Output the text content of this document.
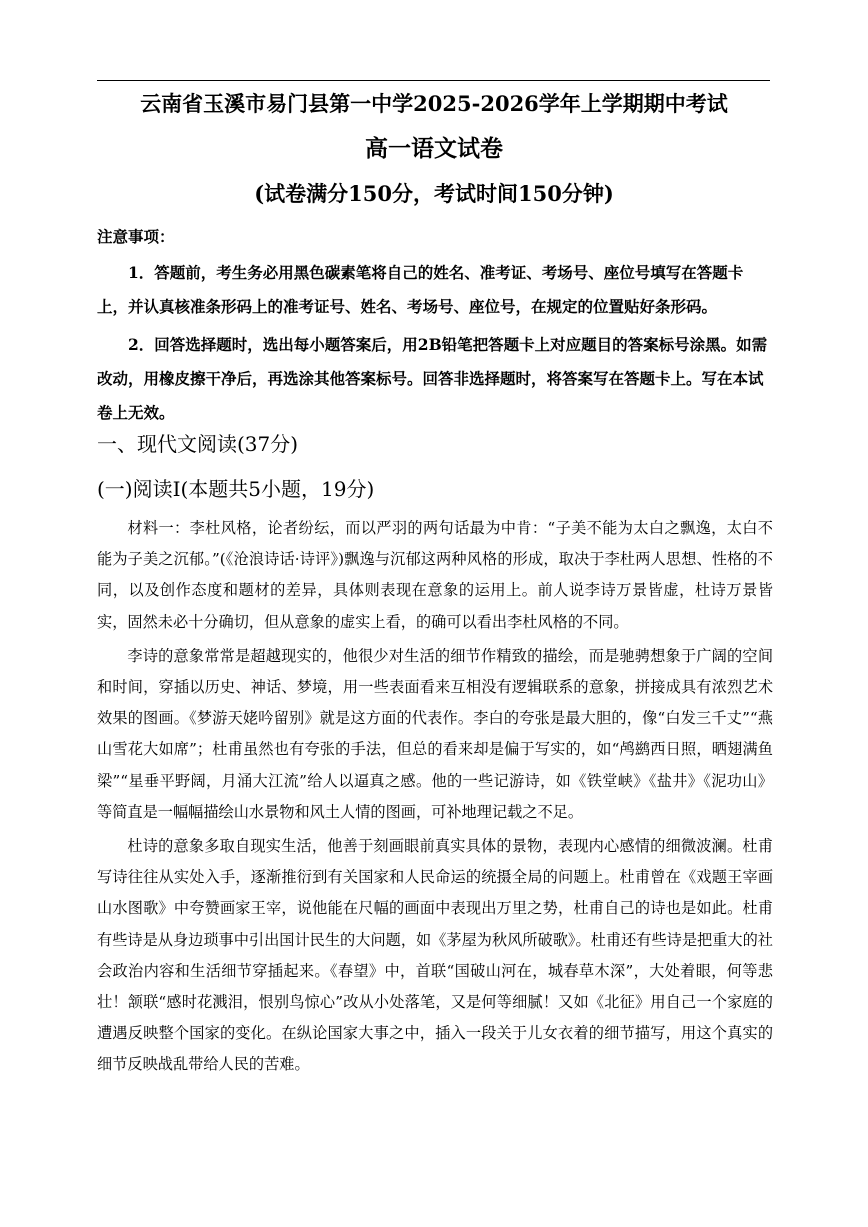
云南省玉溪市易门县第一中学2025-2026学年上学期期中考试
高一语文试卷
(试卷满分150分，考试时间150分钟)
注意事项：

1．答题前，考生务必用黑色碳素笔将自己的姓名、准考证、考场号、座位号填写在答题卡上，并认真核准条形码上的准考证号、姓名、考场号、座位号，在规定的位置贴好条形码。

2．回答选择题时，选出每小题答案后，用2B铅笔把答题卡上对应题目的答案标号涂黑。如需改动，用橡皮擦干净后，再选涂其他答案标号。回答非选择题时，将答案写在答题卡上。写在本试卷上无效。

一、现代文阅读(37分)
(一)阅读Ⅰ(本题共5小题，19分)

材料一：李杜风格，论者纷纭，而以严羽的两句话最为中肯：“子美不能为太白之飘逸，太白不能为子美之沉郁。”(《沧浪诗话·诗评》)飘逸与沉郁这两种风格的形成，取决于李杜两人思想、性格的不同，以及创作态度和题材的差异，具体则表现在意象的运用上。前人说李诗万景皆虚，杜诗万景皆实，固然未必十分确切，但从意象的虚实上看，的确可以看出李杜风格的不同。

李诗的意象常常是超越现实的，他很少对生活的细节作精致的描绘，而是驰骋想象于广阔的空间和时间，穿插以历史、神话、梦境，用一些表面看来互相没有逻辑联系的意象，拼接成具有浓烈艺术效果的图画。《梦游天姥吟留别》就是这方面的代表作。李白的夸张是最大胆的，像“白发三千丈”“燕山雪花大如席”；杜甫虽然也有夸张的手法，但总的看来却是偏于写实的，如“鸬鹚西日照，晒翅满鱼梁”“星垂平野阔，月涌大江流”给人以逼真之感。他的一些记游诗，如《铁堂峡》《盐井》《泥功山》等简直是一幅幅描绘山水景物和风土人情的图画，可补地理记载之不足。

杜诗的意象多取自现实生活，他善于刻画眼前真实具体的景物，表现内心感情的细微波澜。杜甫写诗往往从实处入手，逐渐推衍到有关国家和人民命运的统摄全局的问题上。杜甫曾在《戏题王宰画山水图歌》中夸赞画家王宰，说他能在尺幅的画面中表现出万里之势，杜甫自己的诗也是如此。杜甫有些诗是从身边琐事中引出国计民生的大问题，如《茅屋为秋风所破歌》。杜甫还有些诗是把重大的社会政治内容和生活细节穿插起来。《春望》中，首联“国破山河在，城春草木深”，大处着眼，何等悲壮！颔联“感时花溅泪，恨别鸟惊心”改从小处落笔，又是何等细腻！又如《北征》用自己一个家庭的遭遇反映整个国家的变化。在纵论国家大事之中，插入一段关于儿女衣着的细节描写，用这个真实的细节反映战乱带给人民的苦难。
